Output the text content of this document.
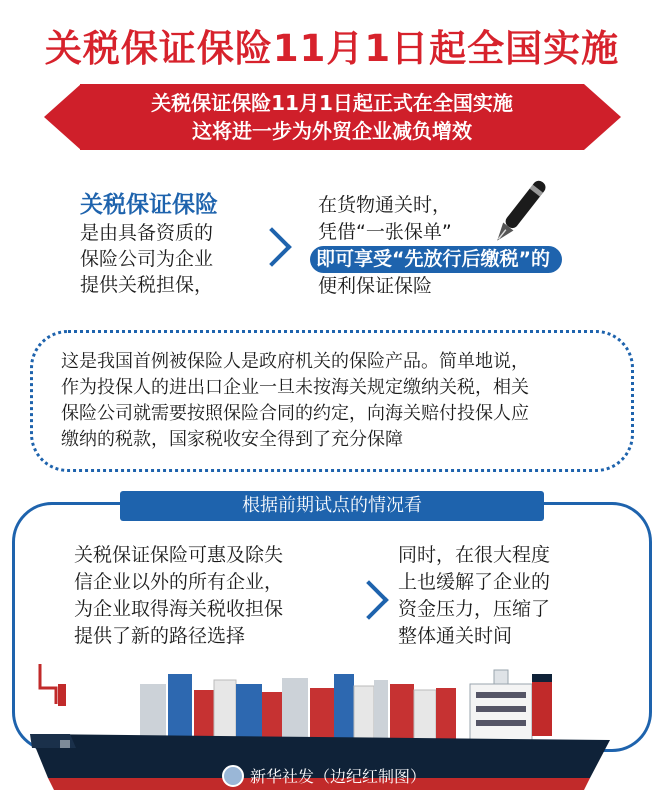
关税保证保险11月1日起全国实施
关税保证保险11月1日起正式在全国实施
这将进一步为外贸企业减负增效
关税保证保险
是由具备资质的
保险公司为企业
提供关税担保，
在货物通关时，
凭借“一张保单”
即可享受“先放行后缴税”的
便利保证保险
这是我国首例被保险人是政府机关的保险产品。简单地说，
作为投保人的进出口企业一旦未按海关规定缴纳关税，相关
保险公司就需要按照保险合同的约定，向海关赔付投保人应
缴纳的税款，国家税收安全得到了充分保障
根据前期试点的情况看
关税保证保险可惠及除失
信企业以外的所有企业，
为企业取得海关税收担保
提供了新的路径选择
同时，在很大程度
上也缓解了企业的
资金压力，压缩了
整体通关时间
新华社发（边纪红制图）
